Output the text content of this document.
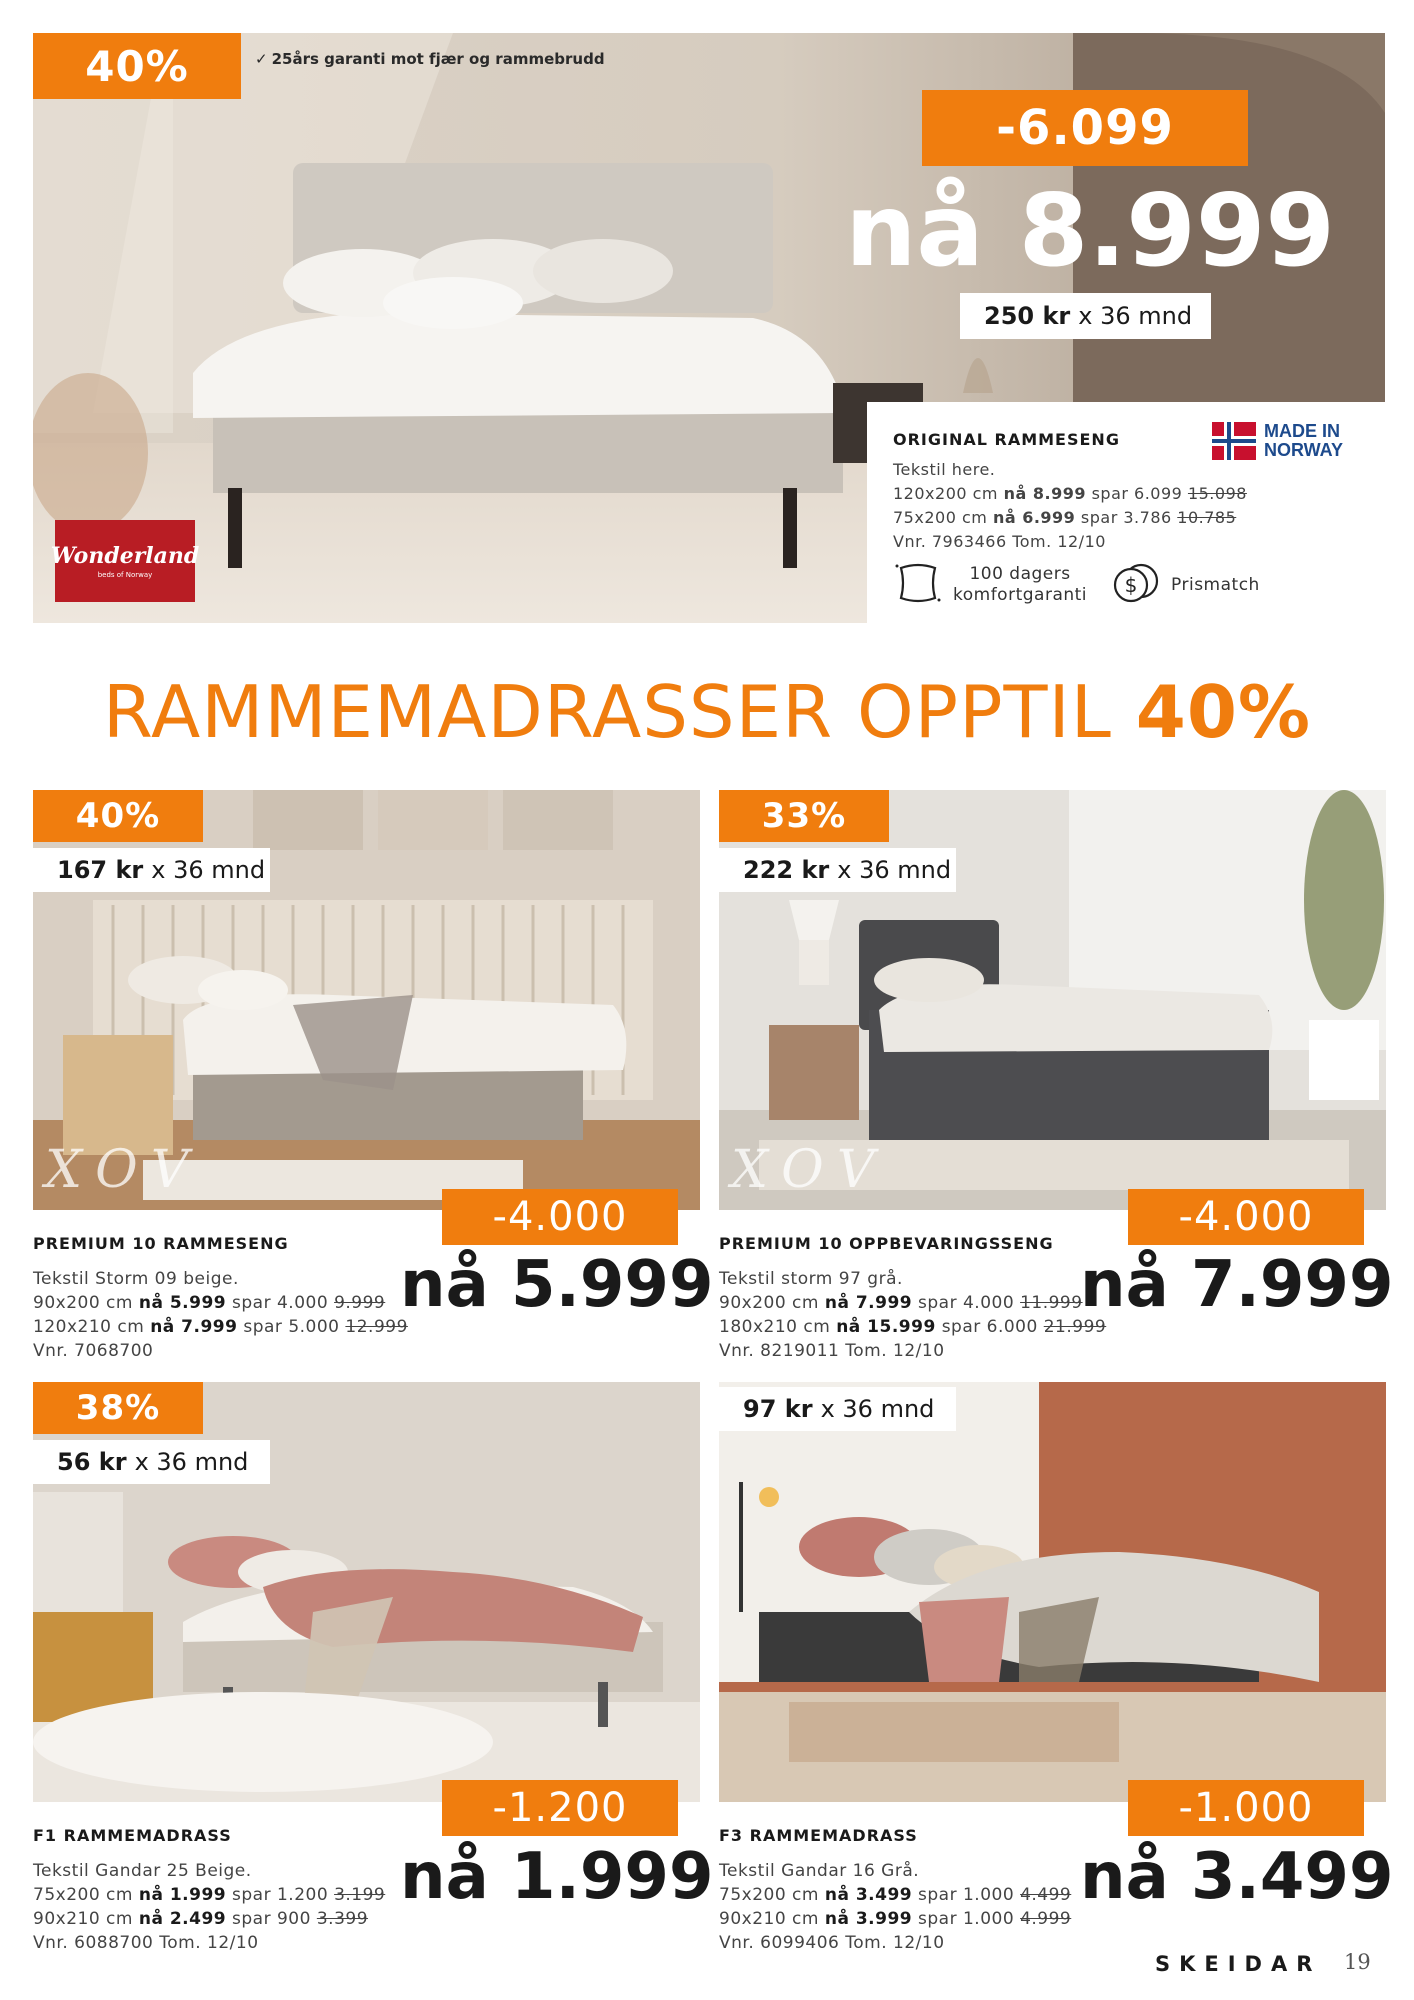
40%	✓ 25års garanti mot fjær og rammebrudd
-6.099
nå 8.999
250 kr x 36 mnd
Wonderland
beds of Norway
ORIGINAL RAMMESENG	MADE IN
NORWAY
Tekstil here.
120x200 cm nå 8.999 spar 6.099 15.098
75x200 cm nå 6.999 spar 3.786 10.785
Vnr. 7963466 Tom. 12/10
100 dagers
komfortgaranti $ Prismatch
RAMMEMADRASSER OPPTIL 40%
XOV
40%
167 kr x 36 mnd
-4.000
nå 5.999
PREMIUM 10 RAMMESENG
Tekstil Storm 09 beige.
90x200 cm nå 5.999 spar 4.000 9.999
120x210 cm nå 7.999 spar 5.000 12.999
Vnr. 7068700
XOV
33%
222 kr x 36 mnd
-4.000
nå 7.999
PREMIUM 10 OPPBEVARINGSSENG
Tekstil storm 97 grå.
90x200 cm nå 7.999 spar 4.000 11.999
180x210 cm nå 15.999 spar 6.000 21.999
Vnr. 8219011 Tom. 12/10
38%
56 kr x 36 mnd
-1.200
nå 1.999
F1 RAMMEMADRASS
Tekstil Gandar 25 Beige.
75x200 cm nå 1.999 spar 1.200 3.199
90x210 cm nå 2.499 spar 900 3.399
Vnr. 6088700 Tom. 12/10
97 kr x 36 mnd
-1.000
nå 3.499
F3 RAMMEMADRASS
Tekstil Gandar 16 Grå.
75x200 cm nå 3.499 spar 1.000 4.499
90x210 cm nå 3.999 spar 1.000 4.999
Vnr. 6099406 Tom. 12/10
SKEIDAR 19
